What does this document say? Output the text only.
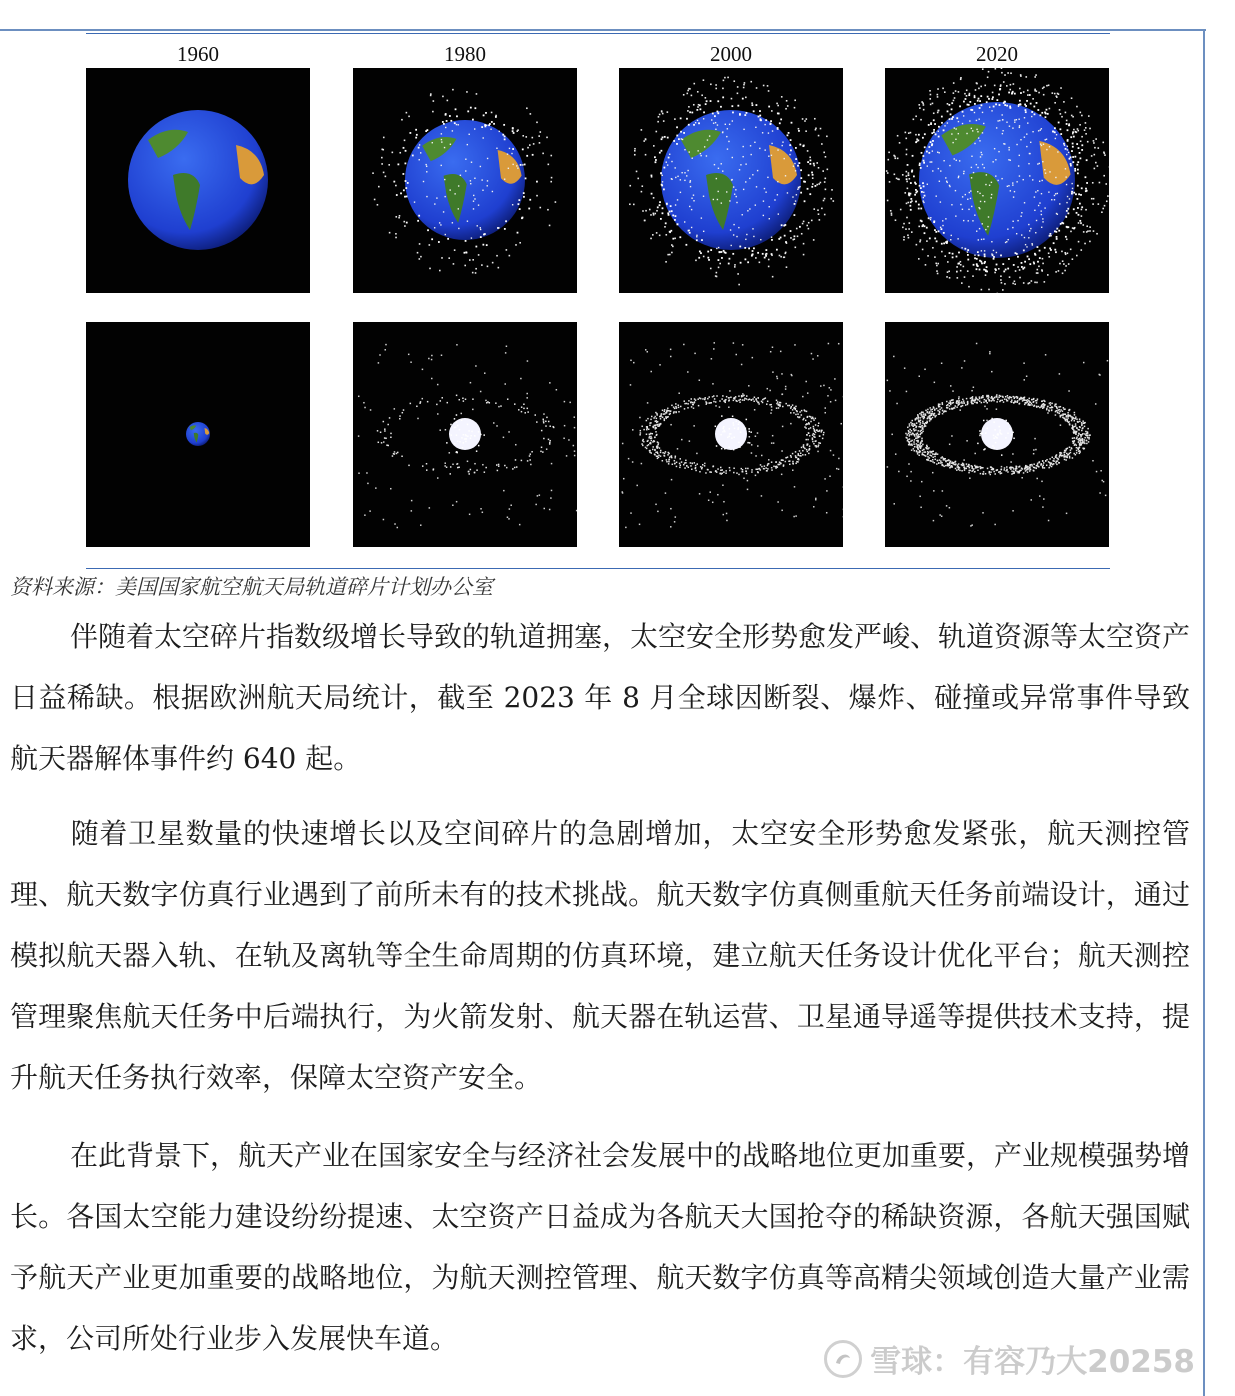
1960	1980	2000	2020
资料来源：美国国家航空航天局轨道碎片计划办公室
伴随着太空碎片指数级增长导致的轨道拥塞，太空安全形势愈发严峻、轨道资源等太空资产日益稀缺。根据欧洲航天局统计，截至 2023 年 8 月全球因断裂、爆炸、碰撞或异常事件导致航天器解体事件约 640 起。
随着卫星数量的快速增长以及空间碎片的急剧增加，太空安全形势愈发紧张，航天测控管理、航天数字仿真行业遇到了前所未有的技术挑战。航天数字仿真侧重航天任务前端设计，通过模拟航天器入轨、在轨及离轨等全生命周期的仿真环境，建立航天任务设计优化平台；航天测控管理聚焦航天任务中后端执行，为火箭发射、航天器在轨运营、卫星通导遥等提供技术支持，提升航天任务执行效率，保障太空资产安全。
在此背景下，航天产业在国家安全与经济社会发展中的战略地位更加重要，产业规模强势增长。各国太空能力建设纷纷提速、太空资产日益成为各航天大国抢夺的稀缺资源，各航天强国赋予航天产业更加重要的战略地位，为航天测控管理、航天数字仿真等高精尖领域创造大量产业需求，公司所处行业步入发展快车道。
雪球：有容乃大20258
